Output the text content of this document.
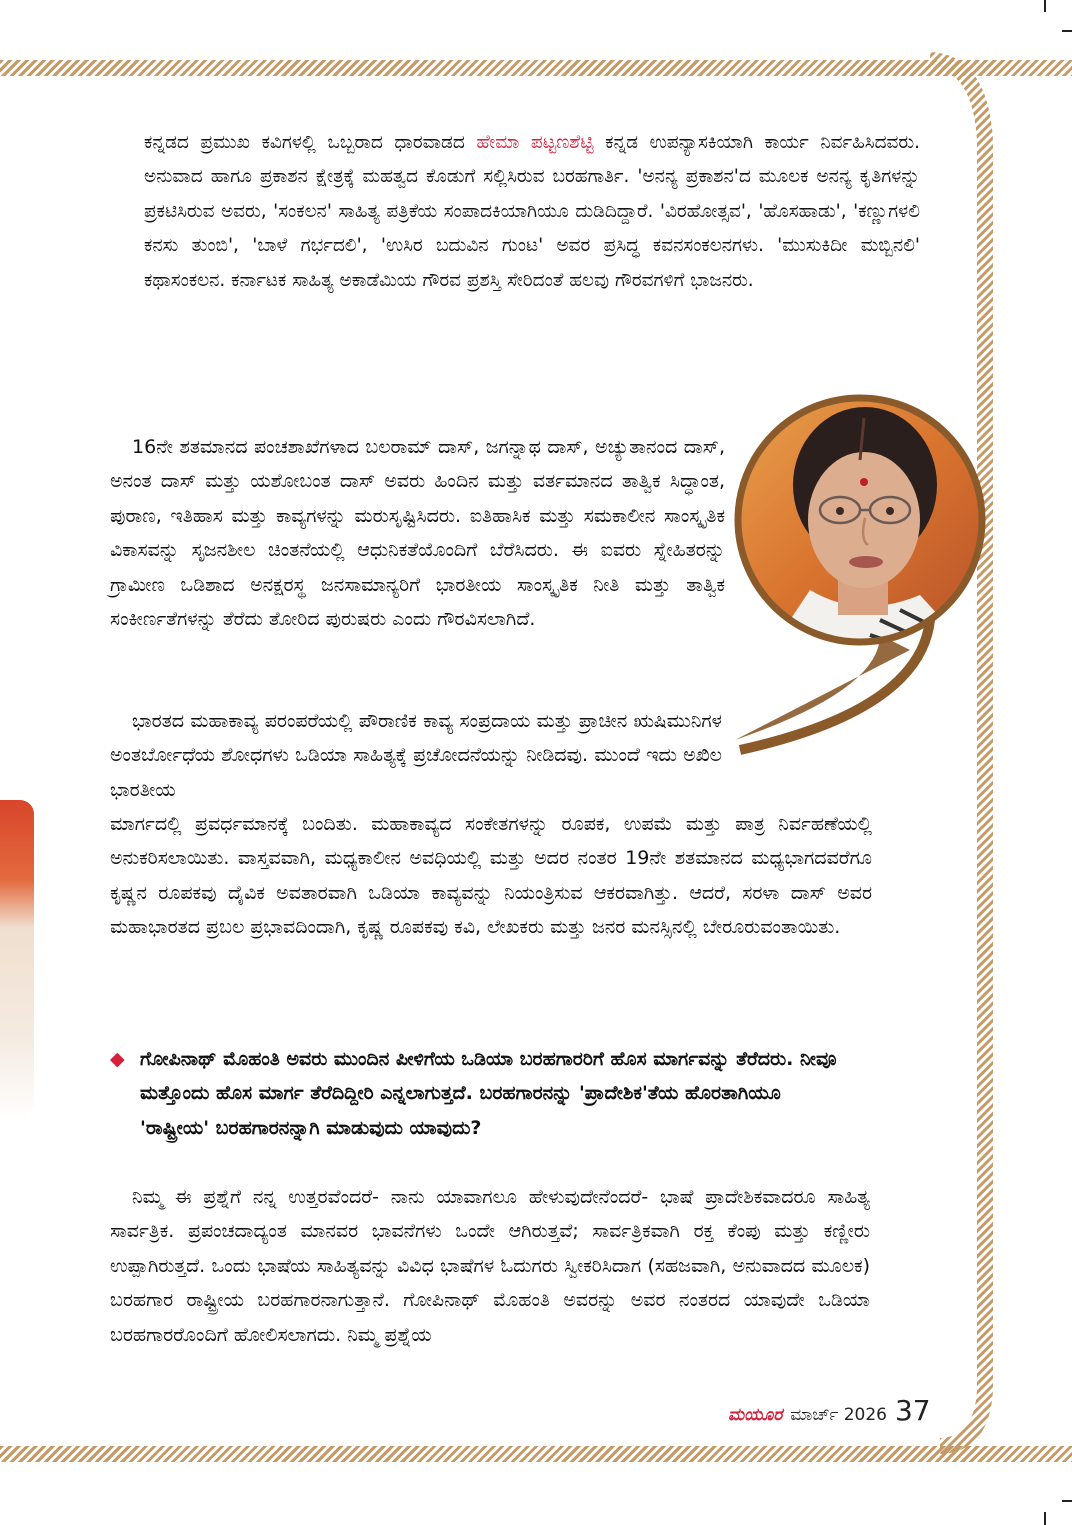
ಕನ್ನಡದ ಪ್ರಮುಖ ಕವಿಗಳಲ್ಲಿ ಒಬ್ಬರಾದ ಧಾರವಾಡದ ಹೇಮಾ ಪಟ್ಟಣಶೆಟ್ಟಿ ಕನ್ನಡ ಉಪನ್ಯಾಸಕಿಯಾಗಿ ಕಾರ್ಯ ನಿರ್ವಹಿಸಿದವರು. ಅನುವಾದ ಹಾಗೂ ಪ್ರಕಾಶನ ಕ್ಷೇತ್ರಕ್ಕೆ ಮಹತ್ವದ ಕೊಡುಗೆ ಸಲ್ಲಿಸಿರುವ ಬರಹಗಾರ್ತಿ. 'ಅನನ್ಯ ಪ್ರಕಾಶನ'ದ ಮೂಲಕ ಅನನ್ಯ ಕೃತಿಗಳನ್ನು ಪ್ರಕಟಿಸಿರುವ ಅವರು, 'ಸಂಕಲನ' ಸಾಹಿತ್ಯ ಪತ್ರಿಕೆಯ ಸಂಪಾದಕಿಯಾಗಿಯೂ ದುಡಿದಿದ್ದಾರೆ. 'ವಿರಹೋತ್ಸವ', 'ಹೊಸಹಾಡು', 'ಕಣ್ಣುಗಳಲಿ ಕನಸು ತುಂಬಿ', 'ಬಾಳೆ ಗರ್ಭದಲಿ', 'ಉಸಿರ ಬದುವಿನ ಗುಂಟ' ಅವರ ಪ್ರಸಿದ್ಧ ಕವನಸಂಕಲನಗಳು. 'ಮುಸುಕಿದೀ ಮಬ್ಬಿನಲಿ' ಕಥಾಸಂಕಲನ. ಕರ್ನಾಟಕ ಸಾಹಿತ್ಯ ಅಕಾಡೆಮಿಯ ಗೌರವ ಪ್ರಶಸ್ತಿ ಸೇರಿದಂತೆ ಹಲವು ಗೌರವಗಳಿಗೆ ಭಾಜನರು.

16ನೇ ಶತಮಾನದ ಪಂಚಶಾಖೆಗಳಾದ ಬಲರಾಮ್ ದಾಸ್, ಜಗನ್ನಾಥ ದಾಸ್, ಅಚ್ಯುತಾನಂದ ದಾಸ್, ಅನಂತ ದಾಸ್ ಮತ್ತು ಯಶೋಬಂತ ದಾಸ್ ಅವರು ಹಿಂದಿನ ಮತ್ತು ವರ್ತಮಾನದ ತಾತ್ವಿಕ ಸಿದ್ಧಾಂತ, ಪುರಾಣ, ಇತಿಹಾಸ ಮತ್ತು ಕಾವ್ಯಗಳನ್ನು ಮರುಸೃಷ್ಟಿಸಿದರು. ಐತಿಹಾಸಿಕ ಮತ್ತು ಸಮಕಾಲೀನ ಸಾಂಸ್ಕೃತಿಕ ವಿಕಾಸವನ್ನು ಸೃಜನಶೀಲ ಚಿಂತನೆಯಲ್ಲಿ ಆಧುನಿಕತೆಯೊಂದಿಗೆ ಬೆರೆಸಿದರು. ಈ ಐವರು ಸ್ನೇಹಿತರನ್ನು ಗ್ರಾಮೀಣ ಒಡಿಶಾದ ಅನಕ್ಷರಸ್ಥ ಜನಸಾಮಾನ್ಯರಿಗೆ ಭಾರತೀಯ ಸಾಂಸ್ಕೃತಿಕ ನೀತಿ ಮತ್ತು ತಾತ್ವಿಕ ಸಂಕೀರ್ಣತೆಗಳನ್ನು ತೆರೆದು ತೋರಿದ ಪುರುಷರು ಎಂದು ಗೌರವಿಸಲಾಗಿದೆ.

ಭಾರತದ ಮಹಾಕಾವ್ಯ ಪರಂಪರೆಯಲ್ಲಿ ಪೌರಾಣಿಕ ಕಾವ್ಯ ಸಂಪ್ರದಾಯ ಮತ್ತು ಪ್ರಾಚೀನ ಋಷಿಮುನಿಗಳ ಅಂತರ್ಬೋಧೆಯ ಶೋಧಗಳು ಒಡಿಯಾ ಸಾಹಿತ್ಯಕ್ಕೆ ಪ್ರಚೋದನೆಯನ್ನು ನೀಡಿದವು. ಮುಂದೆ ಇದು ಅಖಿಲ ಭಾರತೀಯ

ಮಾರ್ಗದಲ್ಲಿ ಪ್ರವರ್ಧಮಾನಕ್ಕೆ ಬಂದಿತು. ಮಹಾಕಾವ್ಯದ ಸಂಕೇತಗಳನ್ನು ರೂಪಕ, ಉಪಮೆ ಮತ್ತು ಪಾತ್ರ ನಿರ್ವಹಣೆಯಲ್ಲಿ ಅನುಕರಿಸಲಾಯಿತು. ವಾಸ್ತವವಾಗಿ, ಮಧ್ಯಕಾಲೀನ ಅವಧಿಯಲ್ಲಿ ಮತ್ತು ಅದರ ನಂತರ 19ನೇ ಶತಮಾನದ ಮಧ್ಯಭಾಗದವರೆಗೂ ಕೃಷ್ಣನ ರೂಪಕವು ದೈವಿಕ ಅವತಾರವಾಗಿ ಒಡಿಯಾ ಕಾವ್ಯವನ್ನು ನಿಯಂತ್ರಿಸುವ ಆಕರವಾಗಿತ್ತು. ಆದರೆ, ಸರಳಾ ದಾಸ್ ಅವರ ಮಹಾಭಾರತದ ಪ್ರಬಲ ಪ್ರಭಾವದಿಂದಾಗಿ, ಕೃಷ್ಣ ರೂಪಕವು ಕವಿ, ಲೇಖಕರು ಮತ್ತು ಜನರ ಮನಸ್ಸಿನಲ್ಲಿ ಬೇರೂರುವಂತಾಯಿತು.

◆ ಗೋಪಿನಾಥ್ ಮೊಹಂತಿ ಅವರು ಮುಂದಿನ ಪೀಳಿಗೆಯ ಒಡಿಯಾ ಬರಹಗಾರರಿಗೆ ಹೊಸ ಮಾರ್ಗವನ್ನು ತೆರೆದರು. ನೀವೂ ಮತ್ತೊಂದು ಹೊಸ ಮಾರ್ಗ ತೆರೆದಿದ್ದೀರಿ ಎನ್ನಲಾಗುತ್ತದೆ. ಬರಹಗಾರನನ್ನು 'ಪ್ರಾದೇಶಿಕ'ತೆಯ ಹೊರತಾಗಿಯೂ 'ರಾಷ್ಟ್ರೀಯ' ಬರಹಗಾರನನ್ನಾಗಿ ಮಾಡುವುದು ಯಾವುದು?

ನಿಮ್ಮ ಈ ಪ್ರಶ್ನೆಗೆ ನನ್ನ ಉತ್ತರವೆಂದರೆ- ನಾನು ಯಾವಾಗಲೂ ಹೇಳುವುದೇನೆಂದರೆ- ಭಾಷೆ ಪ್ರಾದೇಶಿಕವಾದರೂ ಸಾಹಿತ್ಯ ಸಾರ್ವತ್ರಿಕ. ಪ್ರಪಂಚದಾದ್ಯಂತ ಮಾನವರ ಭಾವನೆಗಳು ಒಂದೇ ಆಗಿರುತ್ತವೆ; ಸಾರ್ವತ್ರಿಕವಾಗಿ ರಕ್ತ ಕೆಂಪು ಮತ್ತು ಕಣ್ಣೀರು ಉಪ್ಪಾಗಿರುತ್ತದೆ. ಒಂದು ಭಾಷೆಯ ಸಾಹಿತ್ಯವನ್ನು ವಿವಿಧ ಭಾಷೆಗಳ ಓದುಗರು ಸ್ವೀಕರಿಸಿದಾಗ (ಸಹಜವಾಗಿ, ಅನುವಾದದ ಮೂಲಕ) ಬರಹಗಾರ ರಾಷ್ಟ್ರೀಯ ಬರಹಗಾರನಾಗುತ್ತಾನೆ. ಗೋಪಿನಾಥ್ ಮೊಹಂತಿ ಅವರನ್ನು ಅವರ ನಂತರದ ಯಾವುದೇ ಒಡಿಯಾ ಬರಹಗಾರರೊಂದಿಗೆ ಹೋಲಿಸಲಾಗದು. ನಿಮ್ಮ ಪ್ರಶ್ನೆಯ

ಮಯೂರ ಮಾರ್ಚ್ 2026 37
